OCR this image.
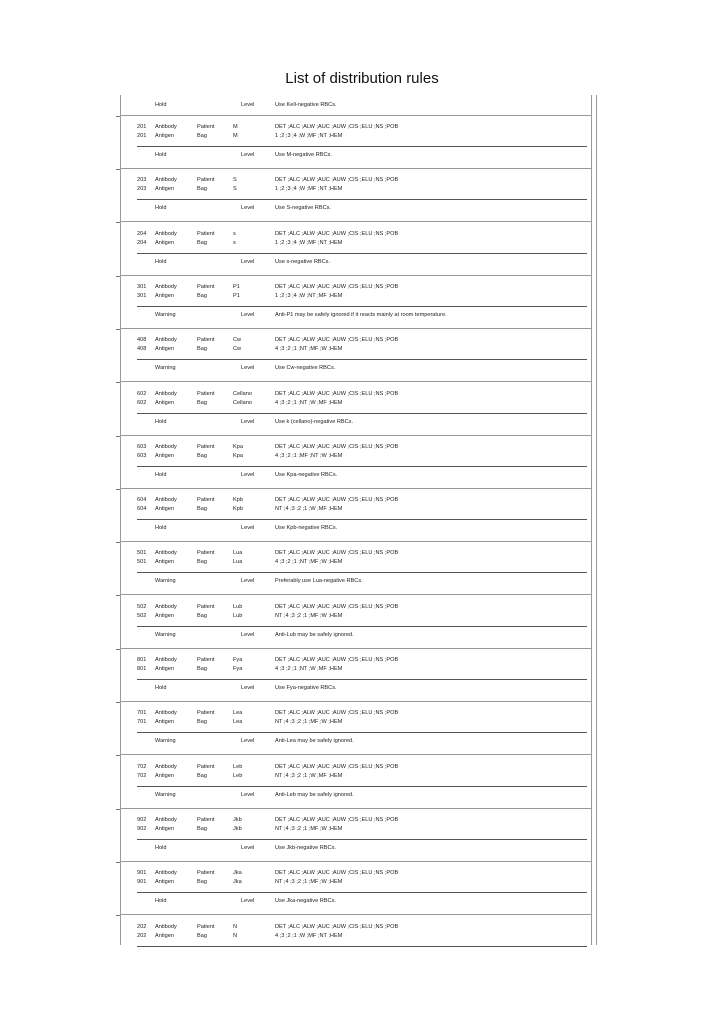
List of distribution rules
Hold	Level	Use Kell-negative RBCs.
201 Antibody	Patient	M	DET ;ALC ;ALW ;AUC ;AUW ;CIS ;ELU ;NS ;POB
201 Antigen	Bag	M	1 ;2 ;3 ;4 ;W ;MF ;NT ;HEM
Hold	Level	Use M-negative RBCs.
203 Antibody	Patient	S	DET ;ALC ;ALW ;AUC ;AUW ;CIS ;ELU ;NS ;POB
203 Antigen	Bag	S	1 ;2 ;3 ;4 ;W ;MF ;NT ;HEM
Hold	Level	Use S-negative RBCs.
204 Antibody	Patient	s	DET ;ALC ;ALW ;AUC ;AUW ;CIS ;ELU ;NS ;POB
204 Antigen	Bag	s	1 ;2 ;3 ;4 ;W ;MF ;NT ;HEM
Hold	Level	Use s-negative RBCs.
301 Antibody	Patient	P1	DET ;ALC ;ALW ;AUC ;AUW ;CIS ;ELU ;NS ;POB
301 Antigen	Bag	P1	1 ;2 ;3 ;4 ;W ;NT ;MF ;HEM
Warning	Level	Anti-P1 may be safely ignored if it reacts mainly at room temperature.
408 Antibody	Patient	Cw	DET ;ALC ;ALW ;AUC ;AUW ;CIS ;ELU ;NS ;POB
408 Antigen	Bag	Cw	4 ;3 ;2 ;1 ;NT ;MF ;W ;HEM
Warning	Level	Use Cw-negative RBCs.
602 Antibody	Patient	Cellano	DET ;ALC ;ALW ;AUC ;AUW ;CIS ;ELU ;NS ;POB
602 Antigen	Bag	Cellano	4 ;3 ;2 ;1 ;NT ;W ;MF ;HEM
Hold	Level	Use k (cellano)-negative RBCs.
603 Antibody	Patient	Kpa	DET ;ALC ;ALW ;AUC ;AUW ;CIS ;ELU ;NS ;POB
603 Antigen	Bag	Kpa	4 ;3 ;2 ;1 ;MF ;NT ;W ;HEM
Hold	Level	Use Kpa-negative RBCs.
604 Antibody	Patient	Kpb	DET ;ALC ;ALW ;AUC ;AUW ;CIS ;ELU ;NS ;POB
604 Antigen	Bag	Kpb	NT ;4 ;3 ;2 ;1 ;W ;MF ;HEM
Hold	Level	Use Kpb-negative RBCs.
501 Antibody	Patient	Lua	DET ;ALC ;ALW ;AUC ;AUW ;CIS ;ELU ;NS ;POB
501 Antigen	Bag	Lua	4 ;3 ;2 ;1 ;NT ;MF ;W ;HEM
Warning	Level	Preferably use Lua-negative RBCs.
502 Antibody	Patient	Lub	DET ;ALC ;ALW ;AUC ;AUW ;CIS ;ELU ;NS ;POB
502 Antigen	Bag	Lub	NT ;4 ;3 ;2 ;1 ;MF ;W ;HEM
Warning	Level	Anti-Lub may be safely ignored.
801 Antibody	Patient	Fya	DET ;ALC ;ALW ;AUC ;AUW ;CIS ;ELU ;NS ;POB
801 Antigen	Bag	Fya	4 ;3 ;2 ;1 ;NT ;W ;MF ;HEM
Hold	Level	Use Fya-negative RBCs.
701 Antibody	Patient	Lea	DET ;ALC ;ALW ;AUC ;AUW ;CIS ;ELU ;NS ;POB
701 Antigen	Bag	Lea	NT ;4 ;3 ;2 ;1 ;MF ;W ;HEM
Warning	Level	Anti-Lea may be safely ignored.
702 Antibody	Patient	Leb	DET ;ALC ;ALW ;AUC ;AUW ;CIS ;ELU ;NS ;POB
702 Antigen	Bag	Leb	NT ;4 ;3 ;2 ;1 ;W ;MF ;HEM
Warning	Level	Anti-Leb may be safely ignored.
902 Antibody	Patient	Jkb	DET ;ALC ;ALW ;AUC ;AUW ;CIS ;ELU ;NS ;POB
902 Antigen	Bag	Jkb	NT ;4 ;3 ;2 ;1 ;MF ;W ;HEM
Hold	Level	Use Jkb-negative RBCs.
901 Antibody	Patient	Jka	DET ;ALC ;ALW ;AUC ;AUW ;CIS ;ELU ;NS ;POB
901 Antigen	Bag	Jka	NT ;4 ;3 ;2 ;1 ;MF ;W ;HEM
Hold	Level	Use Jka-negative RBCs.
202 Antibody	Patient	N	DET ;ALC ;ALW ;AUC ;AUW ;CIS ;ELU ;NS ;POB
202 Antigen	Bag	N	4 ;3 ;2 ;1 ;W ;MF ;NT ;HEM
